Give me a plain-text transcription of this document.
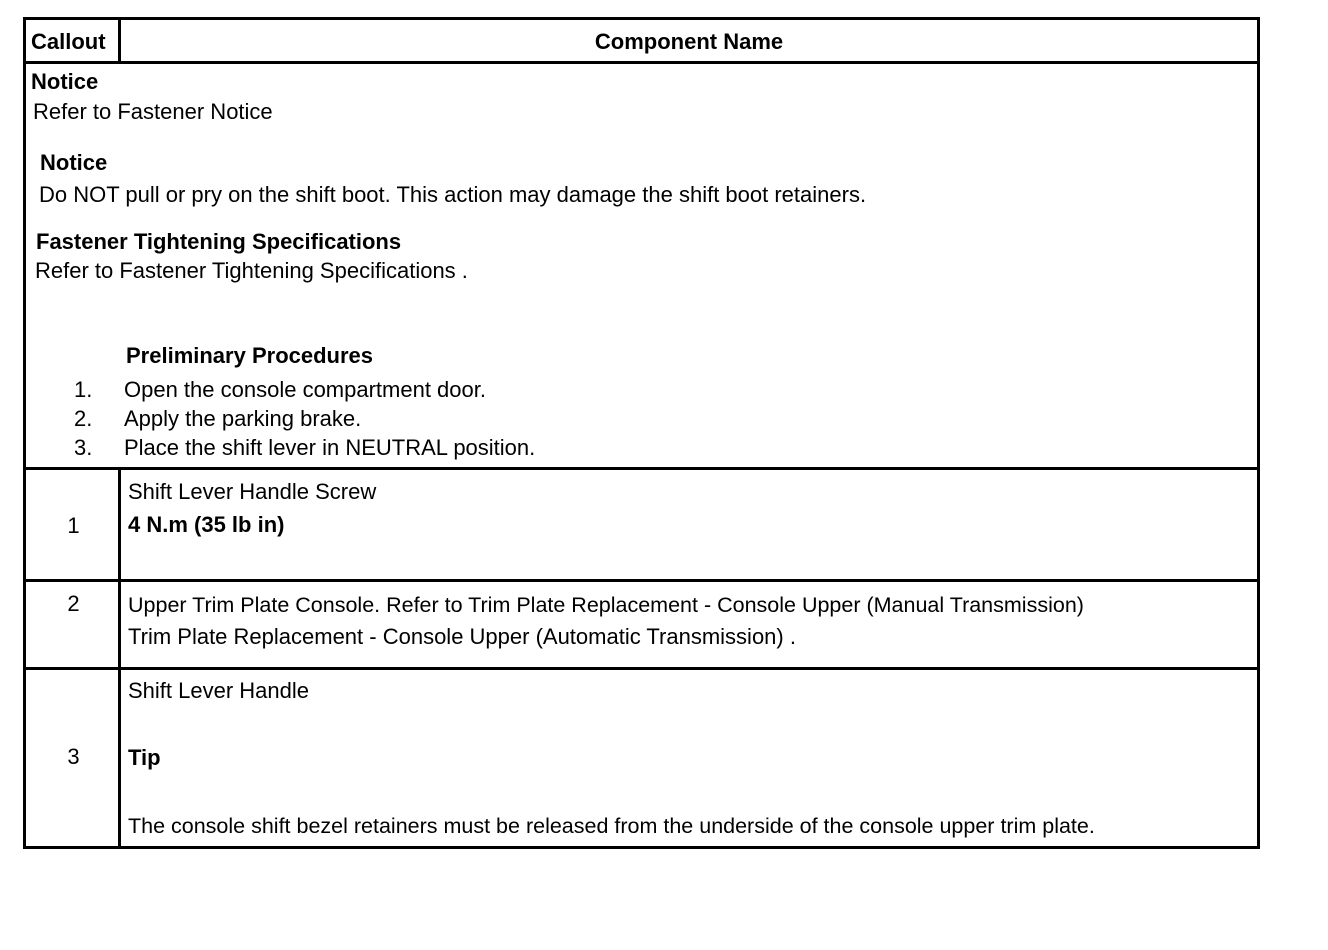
Callout	Component Name
Notice
Refer to Fastener Notice
Notice
Do NOT pull or pry on the shift boot. This action may damage the shift boot retainers.
Fastener Tightening Specifications
Refer to Fastener Tightening Specifications .
Preliminary Procedures
1. Open the console compartment door.
2. Apply the parking brake.
3. Place the shift lever in NEUTRAL position.
1
Shift Lever Handle Screw
4 N.m (35 lb in)
2	Upper Trim Plate Console. Refer to Trim Plate Replacement - Console Upper (Manual Transmission)
Trim Plate Replacement - Console Upper (Automatic Transmission) .
3
Shift Lever Handle
Tip
The console shift bezel retainers must be released from the underside of the console upper trim plate.
